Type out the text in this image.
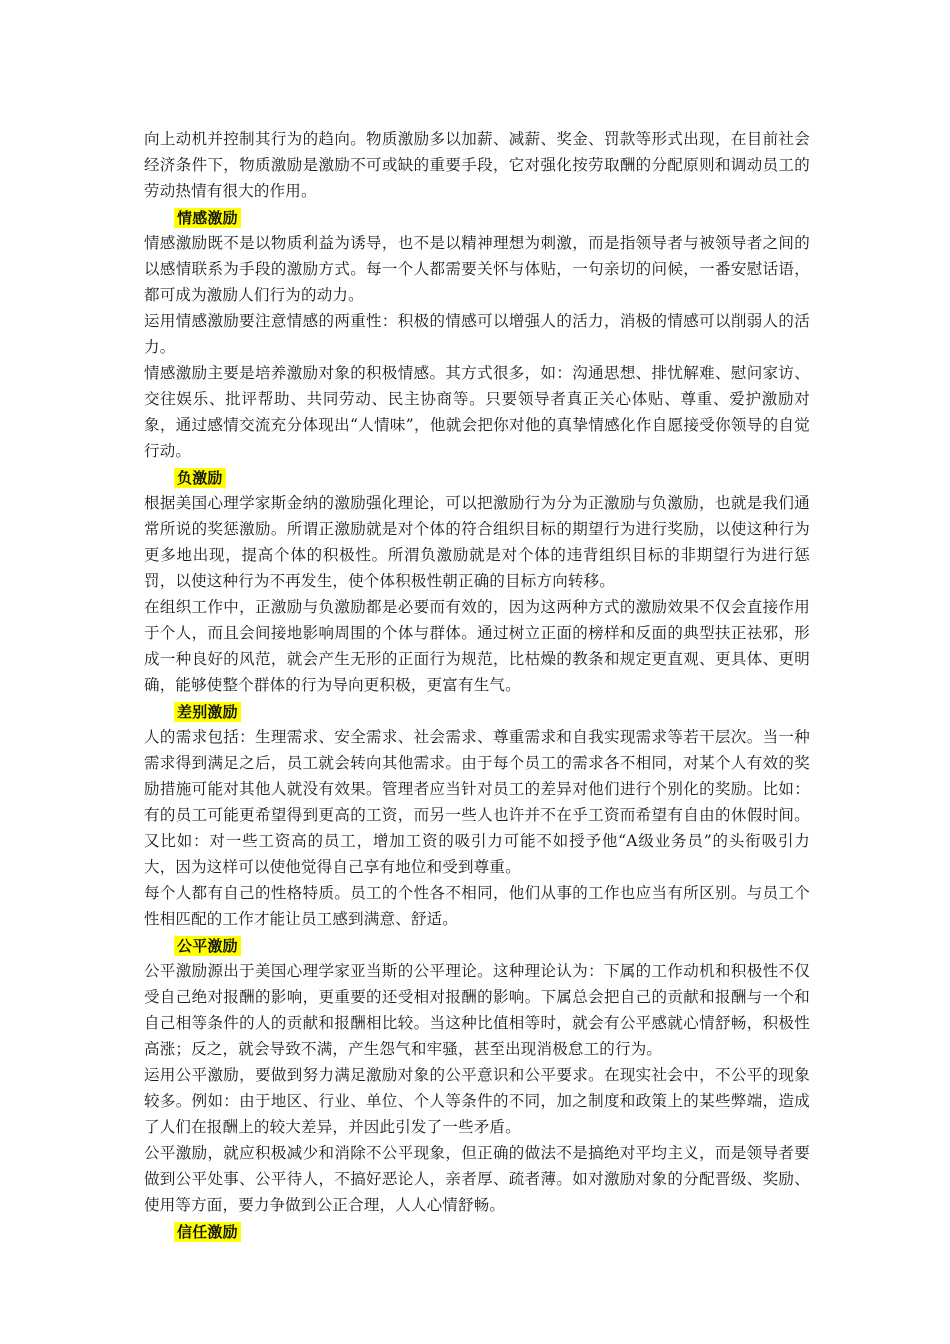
向上动机并控制其行为的趋向。物质激励多以加薪、减薪、奖金、罚款等形式出现，在目前社会经济条件下，物质激励是激励不可或缺的重要手段，它对强化按劳取酬的分配原则和调动员工的劳动热情有很大的作用。

情感激励

情感激励既不是以物质利益为诱导，也不是以精神理想为刺激，而是指领导者与被领导者之间的以感情联系为手段的激励方式。每一个人都需要关怀与体贴，一句亲切的问候，一番安慰话语，都可成为激励人们行为的动力。

运用情感激励要注意情感的两重性：积极的情感可以增强人的活力，消极的情感可以削弱人的活力。

情感激励主要是培养激励对象的积极情感。其方式很多，如：沟通思想、排忧解难、慰问家访、交往娱乐、批评帮助、共同劳动、民主协商等。只要领导者真正关心体贴、尊重、爱护激励对象，通过感情交流充分体现出“人情味”，他就会把你对他的真挚情感化作自愿接受你领导的自觉行动。

负激励

根据美国心理学家斯金纳的激励强化理论，可以把激励行为分为正激励与负激励，也就是我们通常所说的奖惩激励。所谓正激励就是对个体的符合组织目标的期望行为进行奖励，以使这种行为更多地出现，提高个体的积极性。所渭负激励就是对个体的违背组织目标的非期望行为进行惩罚，以使这种行为不再发生，使个体积极性朝正确的目标方向转移。

在组织工作中，正激励与负激励都是必要而有效的，因为这两种方式的激励效果不仅会直接作用于个人，而且会间接地影响周围的个体与群体。通过树立正面的榜样和反面的典型扶正祛邪，形成一种良好的风范，就会产生无形的正面行为规范，比枯燥的教条和规定更直观、更具体、更明确，能够使整个群体的行为导向更积极，更富有生气。

差别激励

人的需求包括：生理需求、安全需求、社会需求、尊重需求和自我实现需求等若干层次。当一种需求得到满足之后，员工就会转向其他需求。由于每个员工的需求各不相同，对某个人有效的奖励措施可能对其他人就没有效果。管理者应当针对员工的差异对他们进行个别化的奖励。比如：有的员工可能更希望得到更高的工资，而另一些人也许并不在乎工资而希望有自由的休假时间。又比如：对一些工资高的员工，增加工资的吸引力可能不如授予他“A级业务员”的头衔吸引力大，因为这样可以使他觉得自己享有地位和受到尊重。

每个人都有自己的性格特质。员工的个性各不相同，他们从事的工作也应当有所区别。与员工个性相匹配的工作才能让员工感到满意、舒适。

公平激励

公平激励源出于美国心理学家亚当斯的公平理论。这种理论认为：下属的工作动机和积极性不仅受自己绝对报酬的影响，更重要的还受相对报酬的影响。下属总会把自己的贡献和报酬与一个和自己相等条件的人的贡献和报酬相比较。当这种比值相等时，就会有公平感就心情舒畅，积极性高涨；反之，就会导致不满，产生怨气和牢骚，甚至出现消极怠工的行为。

运用公平激励，要做到努力满足激励对象的公平意识和公平要求。在现实社会中，不公平的现象较多。例如：由于地区、行业、单位、个人等条件的不同，加之制度和政策上的某些弊端，造成了人们在报酬上的较大差异，并因此引发了一些矛盾。

公平激励，就应积极减少和消除不公平现象，但正确的做法不是搞绝对平均主义，而是领导者要做到公平处事、公平待人，不搞好恶论人，亲者厚、疏者薄。如对激励对象的分配晋级、奖励、使用等方面，要力争做到公正合理，人人心情舒畅。

信任激励
